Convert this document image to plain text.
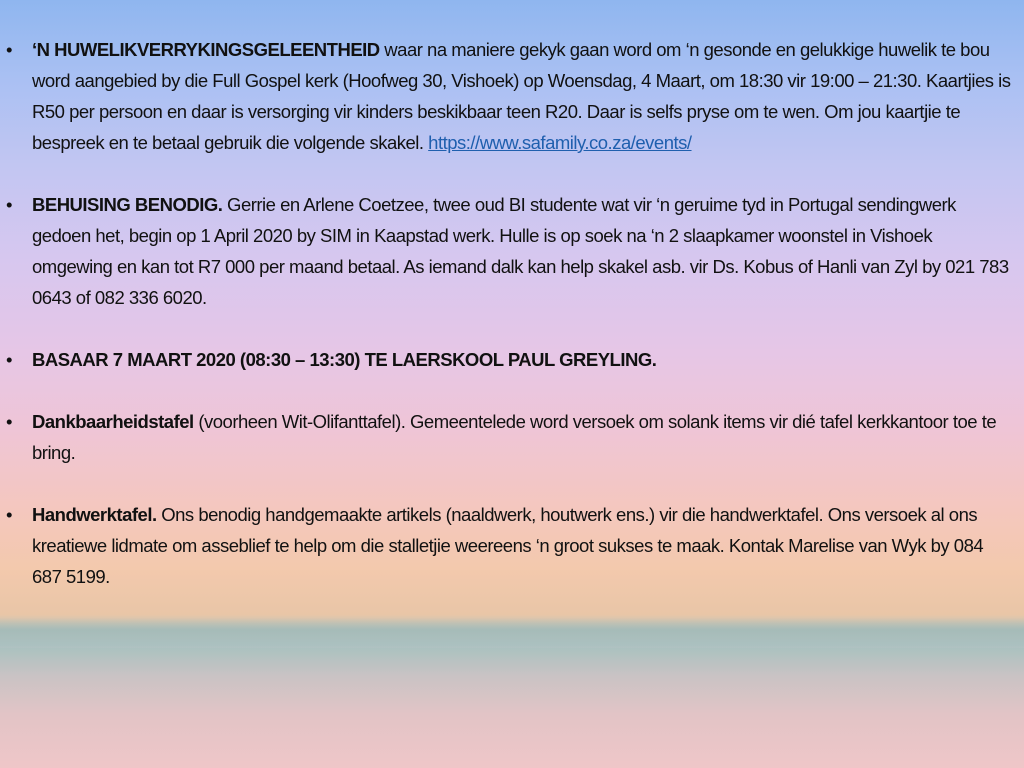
• ‘N HUWELIKVERRYKINGSGELEENTHEID waar na maniere gekyk gaan word om ‘n gesonde en gelukkige huwelik te bou word aangebied by die Full Gospel kerk (Hoofweg 30, Vishoek) op Woensdag, 4 Maart, om 18:30 vir 19:00 – 21:30. Kaartjies is R50 per persoon en daar is versorging vir kinders beskikbaar teen R20. Daar is selfs pryse om te wen. Om jou kaartjie te bespreek en te betaal gebruik die volgende skakel. https://www.safamily.co.za/events/
• BEHUISING BENODIG. Gerrie en Arlene Coetzee, twee oud BI studente wat vir ‘n geruime tyd in Portugal sendingwerk gedoen het, begin op 1 April 2020 by SIM in Kaapstad werk. Hulle is op soek na ‘n 2 slaapkamer woonstel in Vishoek omgewing en kan tot R7 000 per maand betaal. As iemand dalk kan help skakel asb. vir Ds. Kobus of Hanli van Zyl by 021 783 0643 of 082 336 6020.
• BASAAR 7 MAART 2020 (08:30 – 13:30) TE LAERSKOOL PAUL GREYLING.
• Dankbaarheidstafel (voorheen Wit-Olifanttafel). Gemeentelede word versoek om solank items vir dié tafel kerkkantoor toe te bring.
• Handwerktafel. Ons benodig handgemaakte artikels (naaldwerk, houtwerk ens.) vir die handwerktafel. Ons versoek al ons kreatiewe lidmate om asseblief te help om die stalletjie weereens ‘n groot sukses te maak. Kontak Marelise van Wyk by 084 687 5199.
